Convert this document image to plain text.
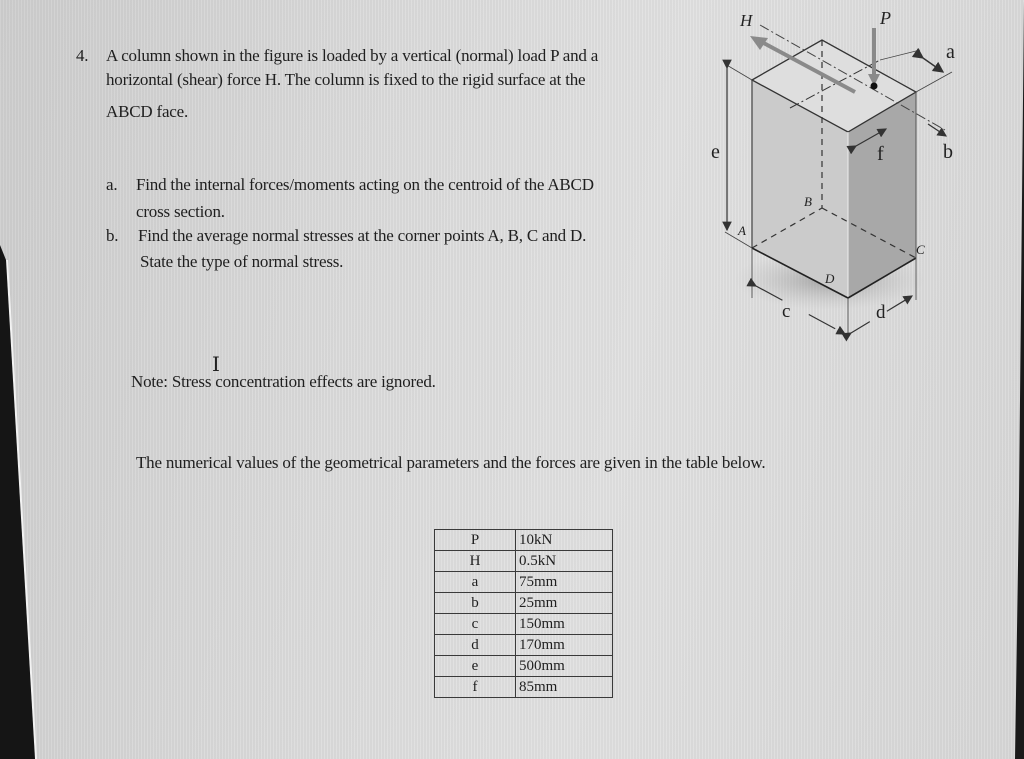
4. A column shown in the figure is loaded by a vertical (normal) load P and a
horizontal (shear) force H. The column is fixed to the rigid surface at the
ABCD face.
a. Find the internal forces/moments acting on the centroid of the ABCD
cross section.
b. Find the average normal stresses at the corner points A, B, C and D.
State the type of normal stress.
I
Note: Stress concentration effects are ignored.
The numerical values of the geometrical parameters and the forces are given in the table below.
P	10kN
H	0.5kN
a	75mm
b	25mm
c	150mm
d	170mm
e	500mm
f	85mm
H	P
a
b
f
e
A
B
C
D
c	d
